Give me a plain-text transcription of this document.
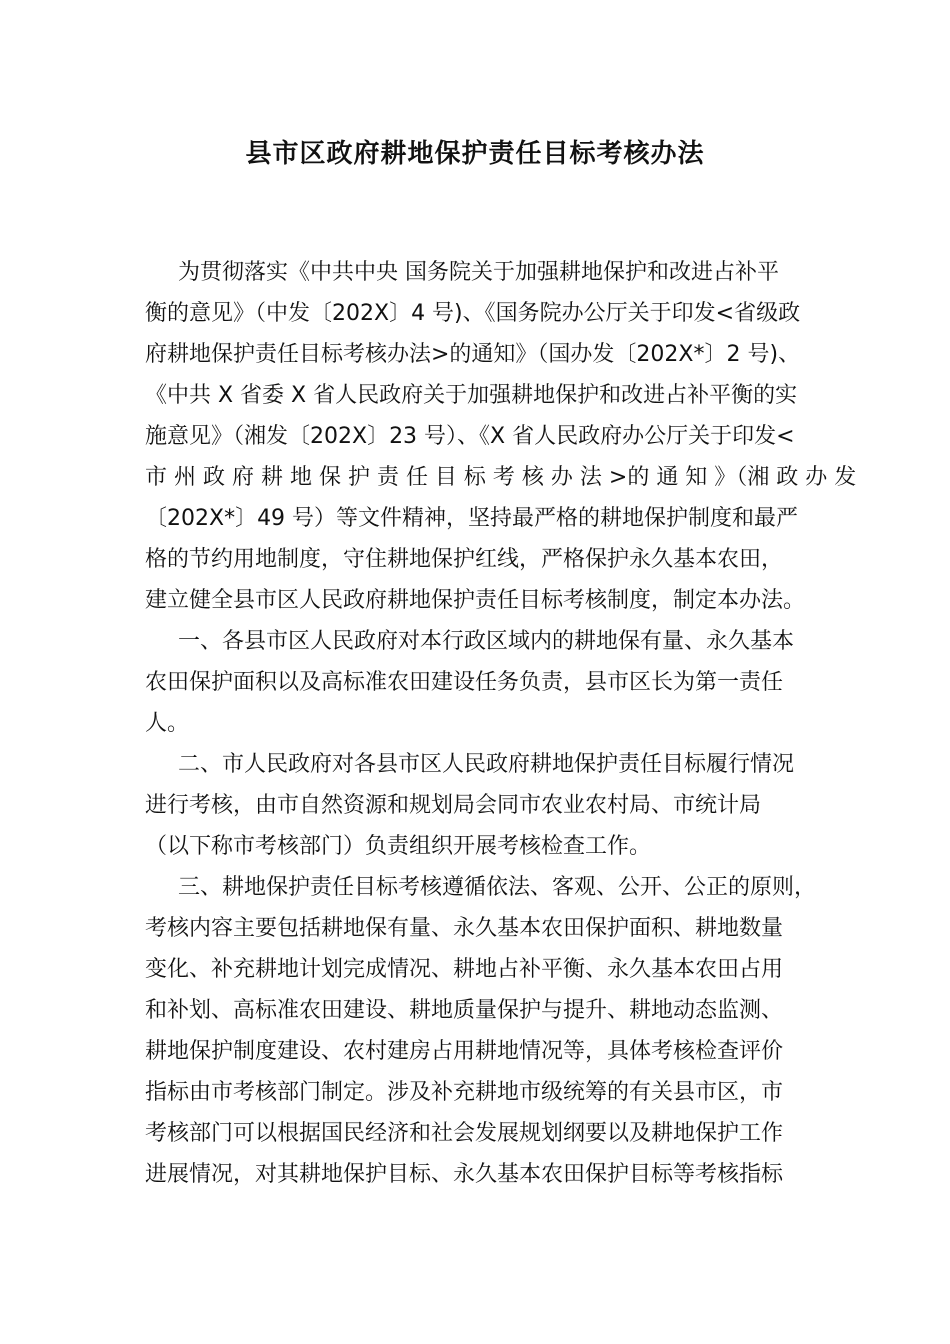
县市区政府耕地保护责任目标考核办法
为贯彻落实《中共中央 国务院关于加强耕地保护和改进占补平
衡的意见》（中发〔202X〕4 号)、《国务院办公厅关于印发<省级政
府耕地保护责任目标考核办法>的通知》（国办发〔202X*〕2 号)、
《中共 X 省委 X 省人民政府关于加强耕地保护和改进占补平衡的实
施意见》（湘发〔202X〕23 号）、《X 省人民政府办公厅关于印发<
市 州 政 府 耕 地 保 护 责 任 目 标 考 核 办 法 >的 通 知 》（湘 政 办 发
〔202X*〕49 号）等文件精神，坚持最严格的耕地保护制度和最严
格的节约用地制度，守住耕地保护红线，严格保护永久基本农田，
建立健全县市区人民政府耕地保护责任目标考核制度，制定本办法。
一、各县市区人民政府对本行政区域内的耕地保有量、永久基本
农田保护面积以及高标准农田建设任务负责，县市区长为第一责任
人。
二、市人民政府对各县市区人民政府耕地保护责任目标履行情况
进行考核，由市自然资源和规划局会同市农业农村局、市统计局
（以下称市考核部门）负责组织开展考核检查工作。
三、耕地保护责任目标考核遵循依法、客观、公开、公正的原则，
考核内容主要包括耕地保有量、永久基本农田保护面积、耕地数量
变化、补充耕地计划完成情况、耕地占补平衡、永久基本农田占用
和补划、高标准农田建设、耕地质量保护与提升、耕地动态监测、
耕地保护制度建设、农村建房占用耕地情况等，具体考核检查评价
指标由市考核部门制定。涉及补充耕地市级统筹的有关县市区，市
考核部门可以根据国民经济和社会发展规划纲要以及耕地保护工作
进展情况，对其耕地保护目标、永久基本农田保护目标等考核指标
